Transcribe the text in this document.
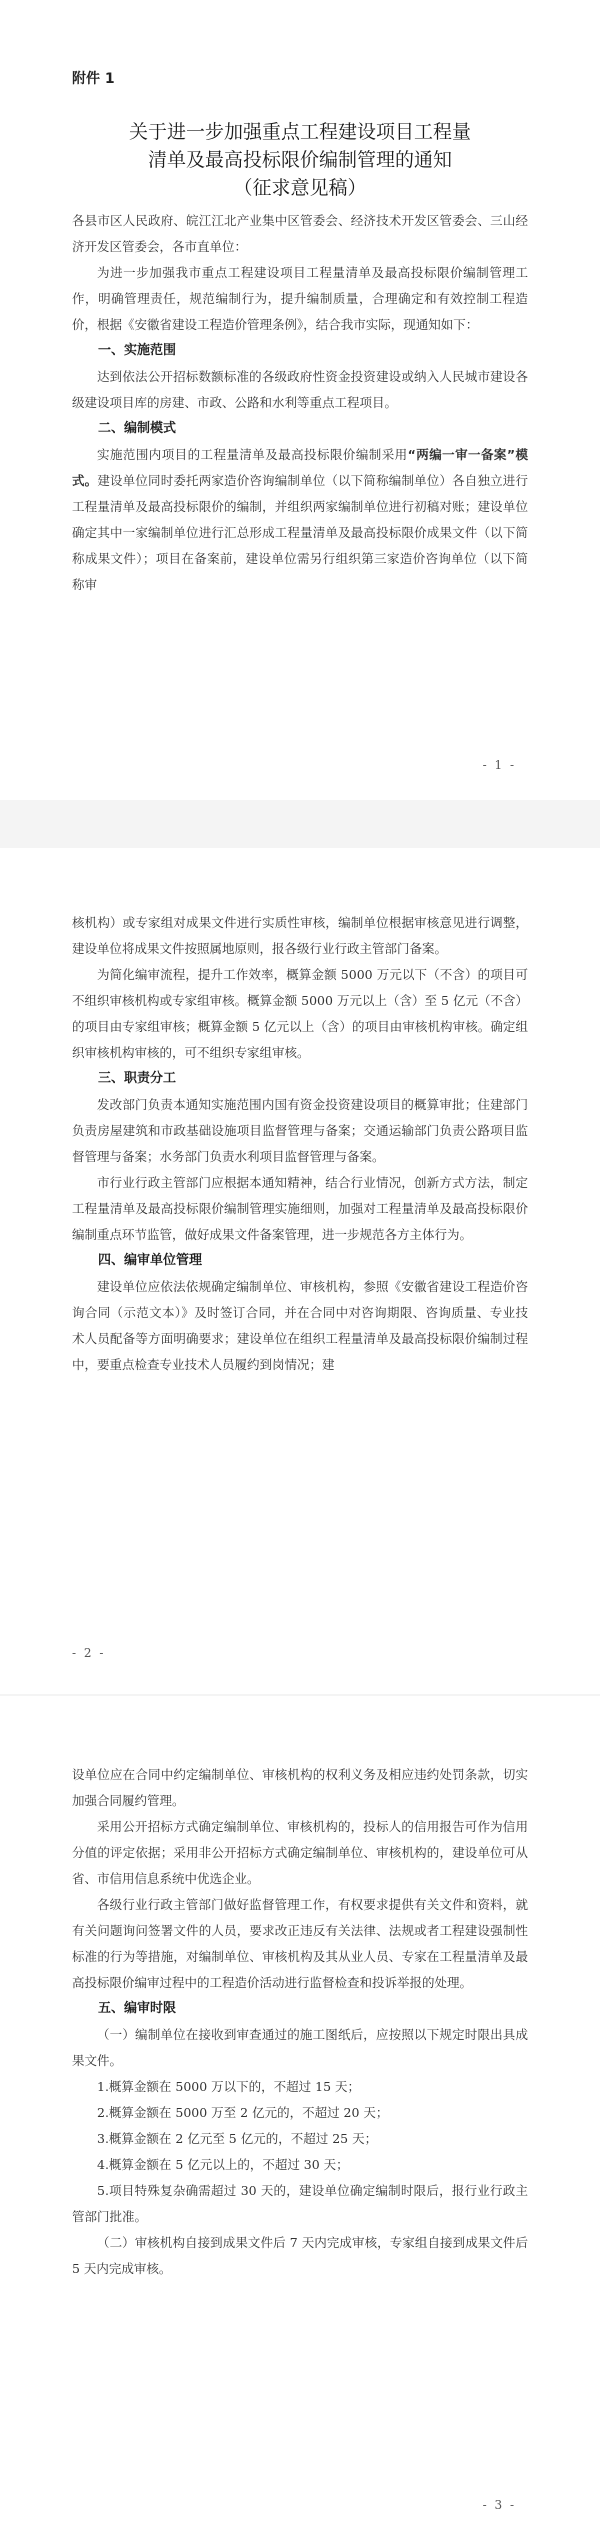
附件 1
关于进一步加强重点工程建设项目工程量
清单及最高投标限价编制管理的通知
（征求意见稿）

各县市区人民政府、皖江江北产业集中区管委会、经济技术开发区管委会、三山经济开发区管委会，各市直单位：

为进一步加强我市重点工程建设项目工程量清单及最高投标限价编制管理工作，明确管理责任，规范编制行为，提升编制质量，合理确定和有效控制工程造价，根据《安徽省建设工程造价管理条例》，结合我市实际，现通知如下：

一、实施范围

达到依法公开招标数额标准的各级政府性资金投资建设或纳入人民城市建设各级建设项目库的房建、市政、公路和水利等重点工程项目。

二、编制模式

实施范围内项目的工程量清单及最高投标限价编制采用“两编一审一备案”模式。建设单位同时委托两家造价咨询编制单位（以下简称编制单位）各自独立进行工程量清单及最高投标限价的编制，并组织两家编制单位进行初稿对账；建设单位确定其中一家编制单位进行汇总形成工程量清单及最高投标限价成果文件（以下简称成果文件）；项目在备案前，建设单位需另行组织第三家造价咨询单位（以下简称审

- 1 -

核机构）或专家组对成果文件进行实质性审核，编制单位根据审核意见进行调整，建设单位将成果文件按照属地原则，报各级行业行政主管部门备案。

为简化编审流程，提升工作效率，概算金额 5000 万元以下（不含）的项目可不组织审核机构或专家组审核。概算金额 5000 万元以上（含）至 5 亿元（不含）的项目由专家组审核；概算金额 5 亿元以上（含）的项目由审核机构审核。确定组织审核机构审核的，可不组织专家组审核。

三、职责分工

发改部门负责本通知实施范围内国有资金投资建设项目的概算审批；住建部门负责房屋建筑和市政基础设施项目监督管理与备案；交通运输部门负责公路项目监督管理与备案；水务部门负责水利项目监督管理与备案。

市行业行政主管部门应根据本通知精神，结合行业情况，创新方式方法，制定工程量清单及最高投标限价编制管理实施细则，加强对工程量清单及最高投标限价编制重点环节监管，做好成果文件备案管理，进一步规范各方主体行为。

四、编审单位管理

建设单位应依法依规确定编制单位、审核机构，参照《安徽省建设工程造价咨询合同（示范文本）》及时签订合同，并在合同中对咨询期限、咨询质量、专业技术人员配备等方面明确要求；建设单位在组织工程量清单及最高投标限价编制过程中，要重点检查专业技术人员履约到岗情况；建

- 2 -

设单位应在合同中约定编制单位、审核机构的权利义务及相应违约处罚条款，切实加强合同履约管理。

采用公开招标方式确定编制单位、审核机构的，投标人的信用报告可作为信用分值的评定依据；采用非公开招标方式确定编制单位、审核机构的，建设单位可从省、市信用信息系统中优选企业。

各级行业行政主管部门做好监督管理工作，有权要求提供有关文件和资料，就有关问题询问签署文件的人员，要求改正违反有关法律、法规或者工程建设强制性标准的行为等措施，对编制单位、审核机构及其从业人员、专家在工程量清单及最高投标限价编审过程中的工程造价活动进行监督检查和投诉举报的处理。

五、编审时限

（一）编制单位在接收到审查通过的施工图纸后，应按照以下规定时限出具成果文件。

1.概算金额在 5000 万以下的，不超过 15 天；

2.概算金额在 5000 万至 2 亿元的，不超过 20 天；

3.概算金额在 2 亿元至 5 亿元的，不超过 25 天；

4.概算金额在 5 亿元以上的，不超过 30 天；

5.项目特殊复杂确需超过 30 天的，建设单位确定编制时限后，报行业行政主管部门批准。

（二）审核机构自接到成果文件后 7 天内完成审核，专家组自接到成果文件后 5 天内完成审核。

- 3 -
